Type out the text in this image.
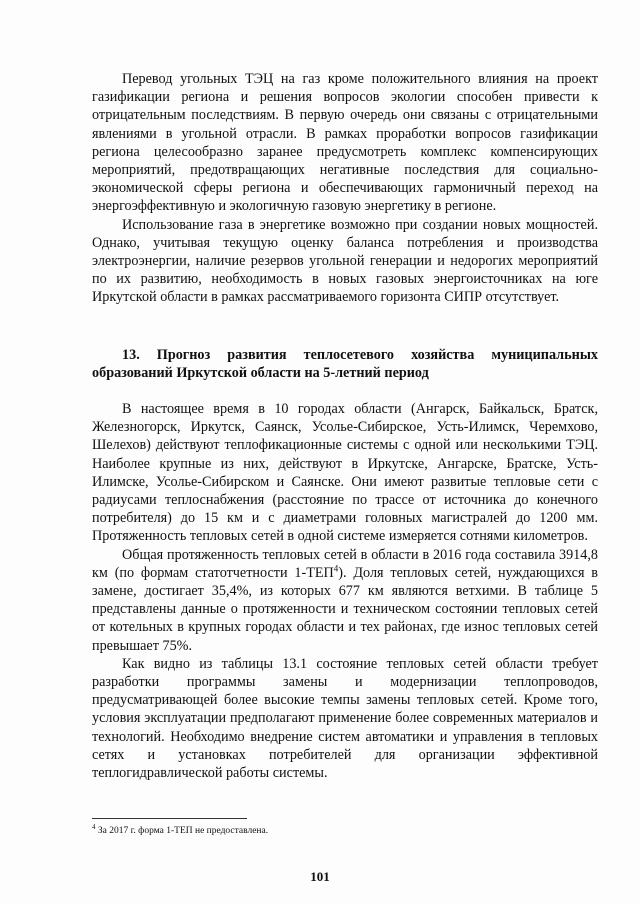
Перевод угольных ТЭЦ на газ кроме положительного влияния на проект газификации региона и решения вопросов экологии способен привести к отрицательным последствиям. В первую очередь они связаны с отрицательными явлениями в угольной отрасли. В рамках проработки вопросов газификации региона целесообразно заранее предусмотреть комплекс компенсирующих мероприятий, предотвращающих негативные последствия для социально-экономической сферы региона и обеспечивающих гармоничный переход на энергоэффективную и экологичную газовую энергетику в регионе.

Использование газа в энергетике возможно при создании новых мощностей. Однако, учитывая текущую оценку баланса потребления и производства электроэнергии, наличие резервов угольной генерации и недорогих мероприятий по их развитию, необходимость в новых газовых энергоисточниках на юге Иркутской области в рамках рассматриваемого горизонта СИПР отсутствует.

13. Прогноз развития теплосетевого хозяйства муниципальных образований Иркутской области на 5-летний период

В настоящее время в 10 городах области (Ангарск, Байкальск, Братск, Железногорск, Иркутск, Саянск, Усолье-Сибирское, Усть-Илимск, Черемхово, Шелехов) действуют теплофикационные системы с одной или несколькими ТЭЦ. Наиболее крупные из них, действуют в Иркутске, Ангарске, Братске, Усть-Илимске, Усолье-Сибирском и Саянске. Они имеют развитые тепловые сети с радиусами теплоснабжения (расстояние по трассе от источника до конечного потребителя) до 15 км и с диаметрами головных магистралей до 1200 мм. Протяженность тепловых сетей в одной системе измеряется сотнями километров.

Общая протяженность тепловых сетей в области в 2016 года составила 3914,8 км (по формам статотчетности 1-ТЕП$^4$). Доля тепловых сетей, нуждающихся в замене, достигает 35,4%, из которых 677 км являются ветхими. В таблице 5 представлены данные о протяженности и техническом состоянии тепловых сетей от котельных в крупных городах области и тех районах, где износ тепловых сетей превышает 75%.

Как видно из таблицы 13.1 состояние тепловых сетей области требует разработки программы замены и модернизации теплопроводов, предусматривающей более высокие темпы замены тепловых сетей. Кроме того, условия эксплуатации предполагают применение более современных материалов и технологий. Необходимо внедрение систем автоматики и управления в тепловых сетях и установках потребителей для организации эффективной теплогидравлической работы системы.

$^4$ За 2017 г. форма 1-ТЕП не предоставлена.
101
